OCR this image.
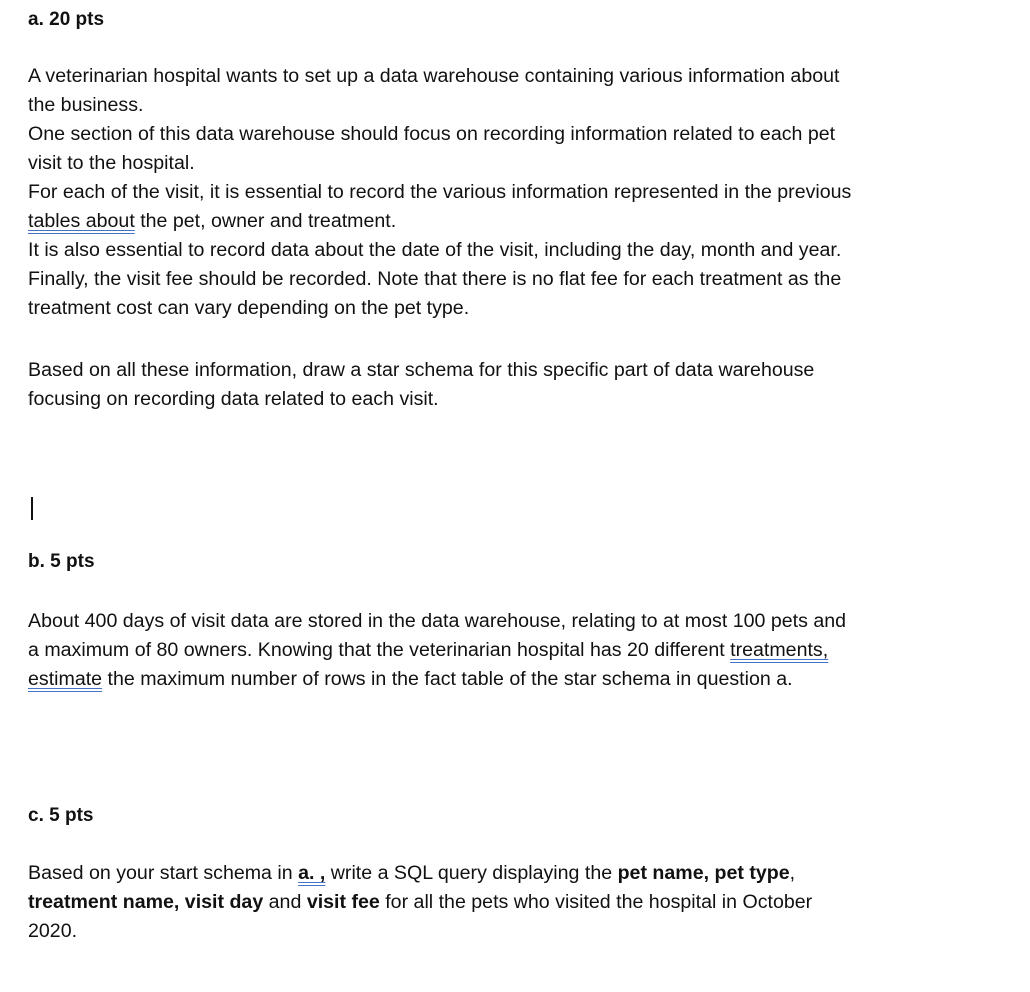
a. 20 pts
A veterinarian hospital wants to set up a data warehouse containing various information about
the business.
One section of this data warehouse should focus on recording information related to each pet
visit to the hospital.
For each of the visit, it is essential to record the various information represented in the previous
tables about the pet, owner and treatment.
It is also essential to record data about the date of the visit, including the day, month and year.
Finally, the visit fee should be recorded. Note that there is no flat fee for each treatment as the
treatment cost can vary depending on the pet type.
Based on all these information, draw a star schema for this specific part of data warehouse
focusing on recording data related to each visit.
b. 5 pts
About 400 days of visit data are stored in the data warehouse, relating to at most 100 pets and
a maximum of 80 owners. Knowing that the veterinarian hospital has 20 different treatments,
estimate the maximum number of rows in the fact table of the star schema in question a.
c. 5 pts
Based on your start schema in a. , write a SQL query displaying the pet name, pet type,
treatment name, visit day and visit fee for all the pets who visited the hospital in October
2020.
